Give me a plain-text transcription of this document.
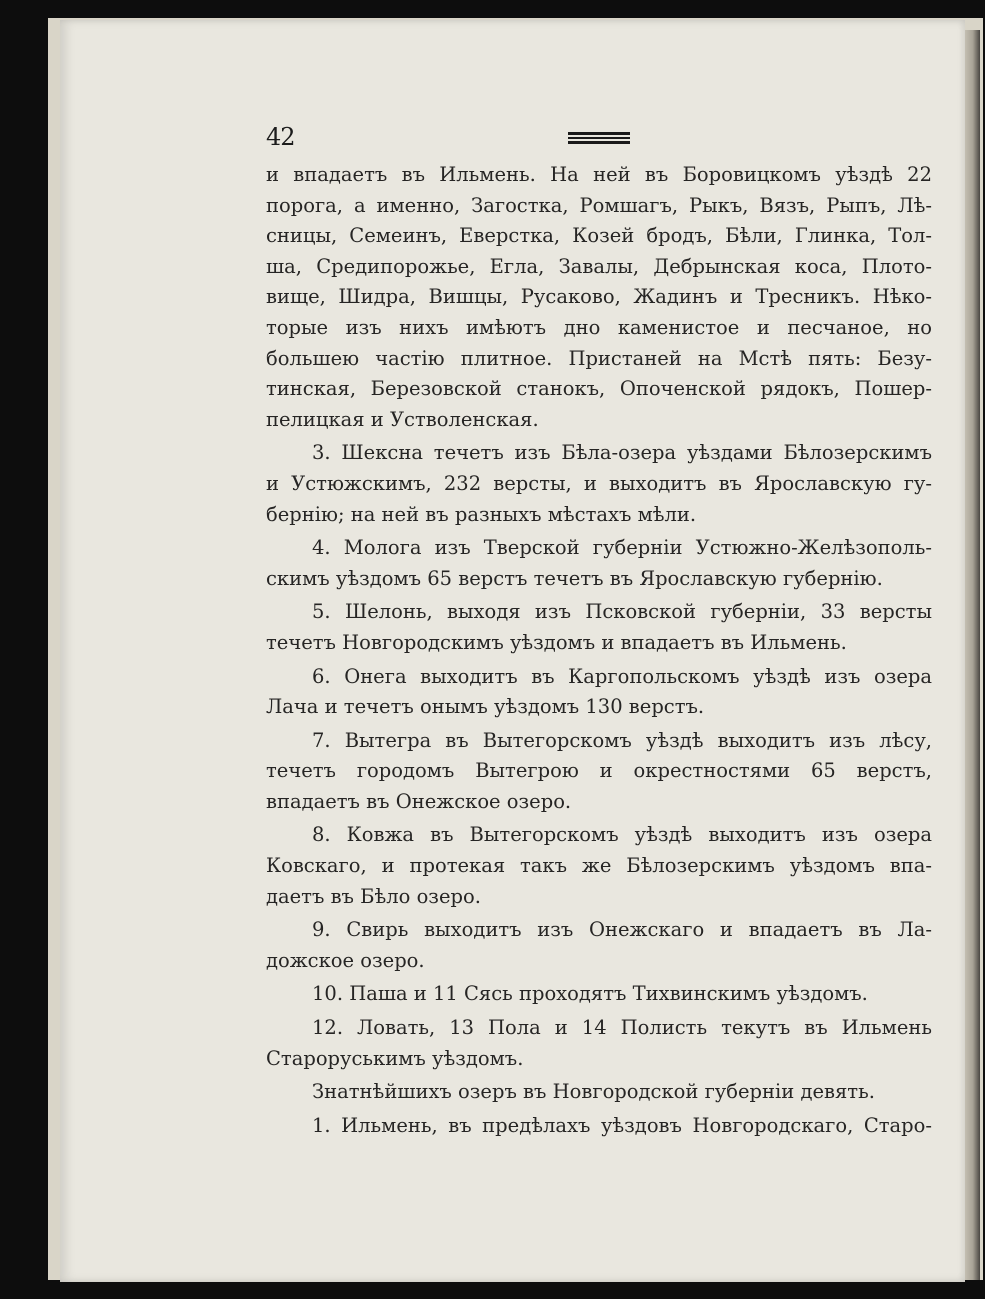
42
и впадаетъ въ Ильмень. На ней въ Боровицкомъ уѣздѣ 22
порога, а именно, Загостка, Ромшагъ, Рыкъ, Вязъ, Рыпъ, Лѣ-
сницы, Семеинъ, Еверстка, Козей бродъ, Бѣли, Глинка, Тол-
ша, Средипорожье, Егла, Завалы, Дебрынская коса, Плото-
вище, Шидра, Вишцы, Русаково, Жадинъ и Тресникъ. Нѣко-
торые изъ нихъ имѣютъ дно каменистое и песчаное, но
большею частію плитное. Пристаней на Мстѣ пять: Безу-
тинская, Березовской станокъ, Опоченской рядокъ, Пошер-
пелицкая и Устволенская.
3. Шексна течетъ изъ Бѣла-озера уѣздами Бѣлозерскимъ
и Устюжскимъ, 232 версты, и выходитъ въ Ярославскую гу-
бернію; на ней въ разныхъ мѣстахъ мѣли.
4. Молога изъ Тверской губерніи Устюжно-Желѣзополь-
скимъ уѣздомъ 65 верстъ течетъ въ Ярославскую губернію.
5. Шелонь, выходя изъ Псковской губерніи, 33 версты
течетъ Новгородскимъ уѣздомъ и впадаетъ въ Ильмень.
6. Онега выходитъ въ Каргопольскомъ уѣздѣ изъ озера
Лача и течетъ онымъ уѣздомъ 130 верстъ.
7. Вытегра въ Вытегорскомъ уѣздѣ выходитъ изъ лѣсу,
течетъ городомъ Вытегрою и окрестностями 65 верстъ,
впадаетъ въ Онежское озеро.
8. Ковжа въ Вытегорскомъ уѣздѣ выходитъ изъ озера
Ковскаго, и протекая такъ же Бѣлозерскимъ уѣздомъ впа-
даетъ въ Бѣло озеро.
9. Свирь выходитъ изъ Онежскаго и впадаетъ въ Ла-
дожское озеро.
10. Паша и 11 Сясь проходятъ Тихвинскимъ уѣздомъ.
12. Ловать, 13 Пола и 14 Полисть текутъ въ Ильмень
Староруськимъ уѣздомъ.
Знатнѣйшихъ озеръ въ Новгородской губерніи девять.
1. Ильмень, въ предѣлахъ уѣздовъ Новгородскаго, Старо-
